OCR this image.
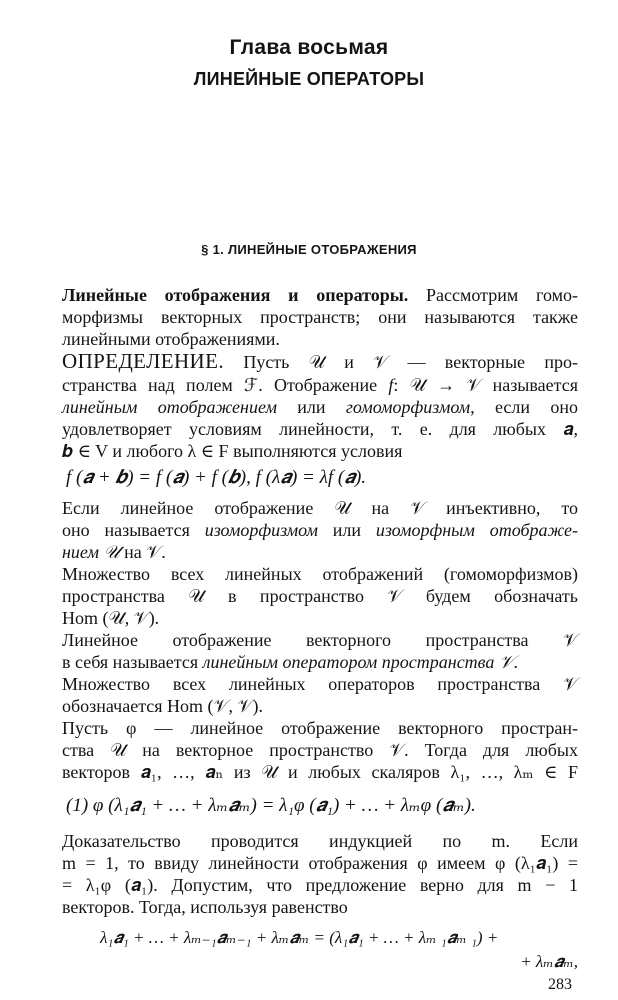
Глава восьмая
ЛИНЕЙНЫЕ ОПЕРАТОРЫ
§ 1. ЛИНЕЙНЫЕ ОТОБРАЖЕНИЯ
Линейные отображения и операторы. Рассмотрим гомо-
морфизмы векторных пространств; они называются также
линейными отображениями.
ОПРЕДЕЛЕНИЕ. Пусть 𝒰 и 𝒱 — векторные про-
странства над полем ℱ. Отображение f: 𝒰 → 𝒱 называется
линейным отображением или гомоморфизмом, если оно
удовлетворяет условиям линейности, т. е. для любых 𝒂,
𝒃 ∈ V и любого λ ∈ F выполняются условия
f (𝒂 + 𝒃) = f (𝒂) + f (𝒃), f (λ𝒂) = λf (𝒂).
Если линейное отображение 𝒰 на 𝒱 инъективно, то
оно называется изоморфизмом или изоморфным отображе-
нием 𝒰 на 𝒱.
Множество всех линейных отображений (гомоморфизмов)
пространства 𝒰 в пространство 𝒱 будем обозначать
Hom (𝒰, 𝒱).
Линейное отображение векторного пространства 𝒱
в себя называется линейным оператором пространства 𝒱.
Множество всех линейных операторов пространства 𝒱
обозначается Hom (𝒱, 𝒱).
Пусть φ — линейное отображение векторного простран-
ства 𝒰 на векторное пространство 𝒱. Тогда для любых
векторов 𝒂₁, …, 𝒂ₙ из 𝒰 и любых скаляров λ₁, …, λₘ ∈ F
(1) φ (λ₁𝒂₁ + … + λₘ𝒂ₘ) = λ₁φ (𝒂₁) + … + λₘφ (𝒂ₘ).
Доказательство проводится индукцией по m. Если
m = 1, то ввиду линейности отображения φ имеем φ (λ₁𝒂₁) =
= λ₁φ (𝒂₁). Допустим, что предложение верно для m − 1
векторов. Тогда, используя равенство
λ₁𝒂₁ + … + λₘ₋₁𝒂ₘ₋₁ + λₘ𝒂ₘ = (λ₁𝒂₁ + … + λₘ ₁𝒂ₘ ₁) +
+ λₘ𝒂ₘ,
283
